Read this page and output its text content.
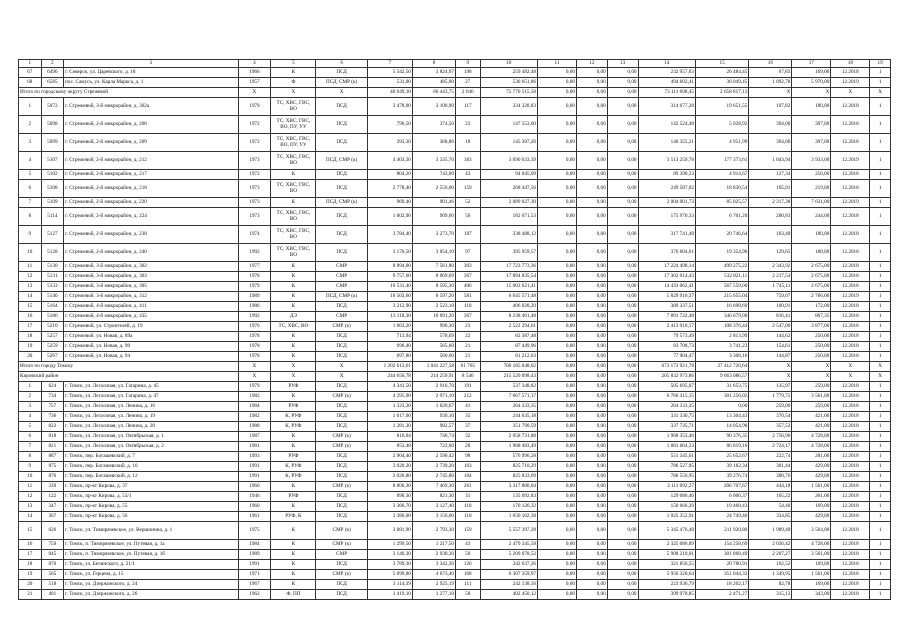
1	2	3	4	5	6	7	8	9	10	11	12	13	14	15	16	17	18	19
67	6496	г. Северск, ул. Царевского, д. 18	1966	К	ПСД	5 342,50	3 824,97	198	259 482,48	0,00	0,00	0,00	232 957,03	26 484,45	67,83	169,00	12.2018	1
68	6585	пос. Самусь, ул. Карла Маркса, д. 1	1957	Ф	ПСД, СМР (к)	531,00	485,00	27	530 651,86	0,00	0,00	0,00	494 602,41	36 049,45	1 092,78	5 970,00	12.2019	1
Итого по городскому округу Стрежевой			Х	Х	Х	40 049,10	66 443,75	2 646	75 770 515,58	0,00	0,00	0,00	73 111 698,45	2 658 817,13	Х	Х	Х	Х
1	5072	г. Стрежевой, 3-й микрорайон, д. 302а	1979	ТС, ХВС, ГВС, ВО	ПСД	3 478,00	3 100,90	117	334 328,83	0,00	0,00	0,00	314 677,28	19 651,55	107,82	180,00	12.2018	1
2	5098	г. Стрежевой, 2-й микрорайон, д. 208	1972	ТС, ХВС, ГВС, ВО, ПУ, УУ	ПСД	796,50	374,50	23	147 553,60	0,00	0,00	0,00	142 524,48	5 028,92	394,00	397,00	12.2018	1
3	5099	г. Стрежевой, 2-й микрорайон, д. 209	1972	ТС, ХВС, ГВС, ВО, ПУ, УУ	ПСД	393,30	368,80	18	145 307,20	0,00	0,00	0,00	140 355,21	4 951,99	394,00	397,00	12.2018	1
4	5107	г. Стрежевой, 2-й микрорайон, д. 212	1973	ТС, ХВС, ГВС, ВО	ПСД, СМР (к)	4 403,30	3 335,70	183	3 690 633,39	0,00	0,00	0,00	3 513 259,78	177 373,61	1 043,94	3 933,00	12.2019	1
5	5102	г. Стрежевой, 2-й микрорайон, д. 217	1972	К	ПСД	804,20	743,00	43	94 045,09	0,00	0,00	0,00	89 390,33	4 914,67	127,34	250,00	12.2018	1
6	5108	г. Стрежевой, 2-й микрорайон, д. 218	1973	ТС, ХВС, ГВС, ВО	ПСД	2 778,40	2 556,00	159	268 447,56	0,00	0,00	0,00	249 587,02	18 830,54	105,01	219,00	12.2018	1
7	5109	г. Стрежевой, 2-й микрорайон, д. 220	1973	К	ПСД, СМР (к)	969,40	901,46	52	2 089 027,30	0,00	0,00	0,00	2 004 001,73	85 025,57	2 317,38	7 631,00	12.2019	1
8	5114	г. Стрежевой, 2-й микрорайон, д. 224	1973	ТС, ХВС, ГВС, ВО	ПСД	1 002,90	909,60	56	182 671,53	0,00	0,00	0,00	175 970,33	6 701,20	200,83	244,00	12.2018	1
9	5127	г. Стрежевой, 2-й микрорайон, д. 238	1974	ТС, ХВС, ГВС, ВО	ПСД	3 784,40	3 273,70	187	338 488,12	0,00	0,00	0,00	317 741,48	20 746,64	103,40	180,00	12.2018	1
10	5128	г. Стрежевой, 2-й микрорайон, д. 240	1992	ТС, ХВС, ГВС, ВО	ПСД	3 176,50	3 054,10	97	395 959,57	0,00	0,00	0,00	376 604,61	19 354,96	129,65	180,00	12.2018	1
11	5130	г. Стрежевой, 3-й микрорайон, д. 302	1977	К	СМР	8 894,00	7 561,80	303	17 723 773,36	0,00	0,00	0,00	17 224 498,14	499 275,22	2 343,92	2 675,00	12.2018	1
12	5131	г. Стрежевой, 3-й микрорайон, д. 303	1978	К	СМР	9 757,60	8 069,69	307	17 894 835,54	0,00	0,00	0,00	17 362 014,43	532 821,11	2 217,54	2 675,00	12.2018	1
13	5133	г. Стрежевой, 3-й микрорайон, д. 305	1979	К	СМР	10 531,40	8 595,30	406	15 003 621,41	0,00	0,00	0,00	14 433 062,41	567 559,00	1 745,11	2 675,00	12.2018	1
14	5140	г. Стрежевой, 3-й микрорайон, д. 312	1989	К	ПСД, СМР (к)	10 503,60	8 597,20	581	6 045 571,48	0,00	0,00	0,00	5 829 916,37	215 655,04	759,07	2 766,00	12.2019	1
15	5164	г. Стрежевой, 4-й микрорайон, д. 411	1986	К	ПСД	3 212,90	2 523,10	118	406 028,20	0,00	0,00	0,00	389 337,51	16 690,69	160,91	172,00	12.2018	1
16	5186	г. Стрежевой, 4-й микрорайон, д. 435	1992	ДЭ	СМР	13 118,30	10 091,20	307	8 238 401,48	0,00	0,00	0,00	7 891 722,48	346 679,00	816,41	867,35	12.2018	1
17	5210	г. Стрежевой, ул. Строителей, д. 19	1976	ТС, ХВС, ВО	СМР (к)	1 063,20	990,30	23	2 522 294,61	0,00	0,00	0,00	2 413 918,17	108 376,44	2 547,00	3 877,00	12.2018	1
18	5257	г. Стрежевой, ул. Новая, д. 89а	1978	К	ПСД	713,94	578,69	22	82 387,48	0,00	0,00	0,00	79 573,49	2 813,99	144,62	250,00	12.2018	1
19	5259	г. Стрежевой, ул. Новая, д. 90	1978	К	ПСД	696,40	565,60	21	87 449,96	0,00	0,00	0,00	83 708,73	3 741,23	154,61	250,00	12.2018	1
20	5267	г. Стрежевой, ул. Новая, д. 94	1978	К	ПСД	697,80	560,60	21	81 212,63	0,00	0,00	0,00	77 904,47	3 308,16	144,87	250,00	12.2018	1
Итого по городу Томску			Х	Х	Х	1 202 612,61	1 041 227,58	61 765	700 185 648,02	0,00	0,00	0,00	673 173 921,78	27 412 720,64	Х	Х	Х	Х
Кировский район			Х	Х	Х	244 656,78	214 259,91	8 546	215 520 098,43	0,00	0,00	0,00	205 832 973,86	9 663 086,57	Х	Х	Х	Х
1	624	г. Томск, ул. Лесхозная, ул. Гагарина, д. 45	1979	РУФ	ПСД	4 341,50	2 916,70	191	537 348,82	0,00	0,00	0,00	505 695,07	31 653,75	135,97	259,00	12.2018	1
2	734	г. Томск, ул. Лесхозная, ул. Гагарина, д. 47	1982	К	СМР (к)	4 295,90	2 971,10	212	7 067 571,17	0,00	0,00	0,00	6 766 315,15	301 256,02	1 779,75	3 561,00	12.2018	1
3	757	г. Томск, ул. Лесхозная, ул. Ленина, д. 16	1984	РУФ	ПСД	1 323,30	1 020,67	41	264 333,35	0,00	0,00	0,00	264 333,35	0,00	259,00	259,00	12.2018	1
4	736	г. Томск, ул. Лесхозная, ул. Ленина, д. 19	1982	К, РУФ	ПСД	1 017,00	930,10	35	244 635,18	0,00	0,00	0,00	331 330,75	13 304,43	370,54	421,00	12.2018	1
5	822	г. Томск, ул. Лесхозная, ул. Ленина, д. 20	1988	К, РУФ	ПСД	1 281,30	982,57	37	351 790,59	0,00	0,00	0,00	337 735,71	14 054,98	357,52	421,00	12.2018	1
6	818	г. Томск, ул. Лесхозная, ул. Октябрьская, д. 1	1987	К	СМР (к)	816,04	746,74	32	2 058 731,88	0,00	0,00	0,00	1 968 353,46	90 376,35	2 756,96	4 728,00	12.2018	1
7	821	г. Томск, ул. Лесхозная, ул. Октябрьская, д. 2	1981	К	СМР (к)	853,48	722,60	28	1 968 483,49	0,00	0,00	0,00	1 881 664,33	86 819,16	2 724,17	4 728,00	12.2018	1
8	887	г. Томск, пер. Богашевский, д. 7	1993	РУФ	ПСД	2 904,40	2 590,42	98	576 996,28	0,00	0,00	0,00	551 345,61	25 652,67	222,74	281,00	12.2018	1
9	875	г. Томск, пер. Богашевский, д. 10	1991	К, РУФ	ПСД	3 020,20	2 739,20	103	825 710,29	0,00	0,00	0,00	786 527,95	39 182,34	301,44	429,00	12.2018	1
10	876	г. Томск, пер. Богашевский, д. 12	1991	К, РУФ	ПСД	3 026,80	2 745,80	104	825 833,69	0,00	0,00	0,00	786 556,95	39 276,74	300,76	429,00	12.2018	1
11	339	г. Томск, пр-кт Кирова, д. 37	1960	К	СМР (к)	8 806,30	7 469,30	261	3 317 800,04	0,00	0,00	0,00	3 111 092,27	206 707,67	444,18	1 561,00	12.2018	1
12	122	г. Томск, пр-кт Кирова, д. 53/1	1946	РУФ	ПСД	890,30	821,30	31	135 092,83	0,00	0,00	0,00	129 086,46	6 006,37	165,22	261,00	12.2018	1
13	347	г. Томск, пр-кт Кирова, д. 55	1960	К	ПСД	3 366,70	3 127,40	118	170 126,32	0,00	0,00	0,00	150 666,39	19 460,43	54,40	169,00	12.2018	1
14	367	г. Томск, пр-кт Кирова, д. 56	1961	РУФ, К	ПСД	3 386,00	3 156,00	118	1 050 102,38	0,00	0,00	0,00	1 025 352,91	24 749,46	334,85	429,00	12.2018	1
15	626	г. Томск, ул. Тимирязевское, ул. Вершинина, д. 1	1975	К	СМР (к)	3 081,90	2 793,30	159	5 557 397,28	0,00	0,00	0,00	5 345 476,48	211 920,80	1 989,40	3 564,00	12.2018	1
16	759	г. Томск, п. Тимирязевское, ул. Путевая, д. 1а	1984	К	СМР (к)	1 299,50	1 217,50	43	2 479 345,58	0,00	0,00	0,00	2 325 086,89	154 258,69	2 036,42	4 728,00	12.2018	1
17	845	г. Томск, п. Тимирязевское, ул. Путевая, д. 1б	1989	К	СМР	3 146,30	2 930,30	50	5 209 078,52	0,00	0,00	0,00	5 908 210,01	301 868,49	2 207,27	3 561,00	12.2018	1
18	870	г. Томск, ул. Белинского, д. 21/1	1991	К	ПСД	3 789,30	3 342,30	126	342 637,26	0,00	0,00	0,00	321 856,55	20 780,91	102,52	169,00	12.2018	1
19	565	г. Томск, ул. Герцена, д. 15	1971	К	СМР (к)	5 099,80	4 673,40	168	6 307 359,97	0,00	0,00	0,00	5 956 320,64	351 044,33	1 349,95	1 561,00	12.2018	1
20	518	г. Томск, ул. Дзержинского, д. 24	1967	К	ПСД	3 114,39	2 925,19	111	242 138,56	0,00	0,00	0,00	223 936,79	18 202,17	82,78	169,00	12.2018	1
21	401	г. Томск, ул. Дзержинского, д. 26	1962	Ф, ПП	ПСД	1 419,10	1 277,10	58	402 450,12	0,00	0,00	0,00	399 978,85	2 471,27	315,13	343,00	12.2018	1
